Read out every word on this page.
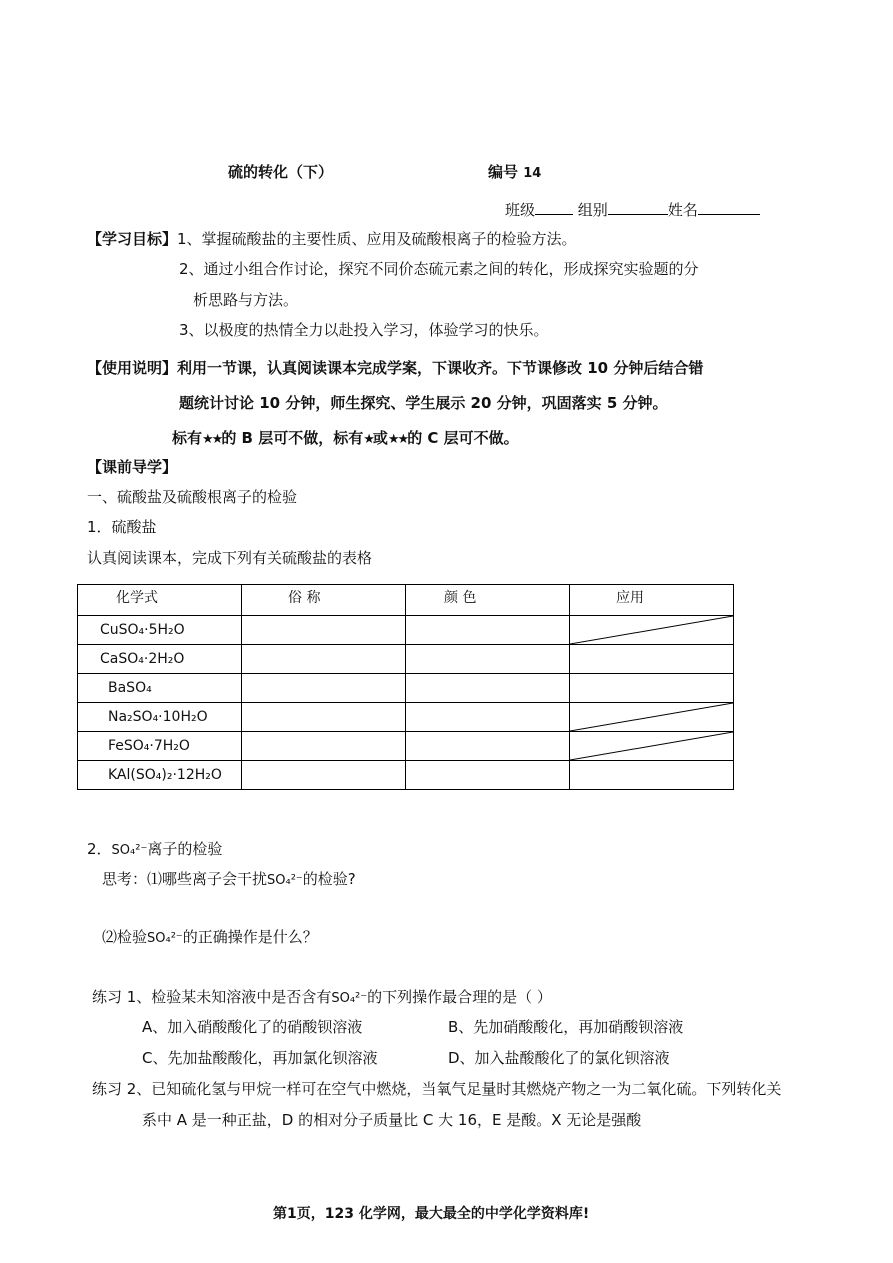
硫的转化（下）	编号 14
班级	组别	姓名
【学习目标】1、掌握硫酸盐的主要性质、应用及硫酸根离子的检验方法。
2、通过小组合作讨论，探究不同价态硫元素之间的转化，形成探究实验题的分
析思路与方法。
3、以极度的热情全力以赴投入学习，体验学习的快乐。
【使用说明】利用一节课，认真阅读课本完成学案，下课收齐。下节课修改 10 分钟后结合错
题统计讨论 10 分钟，师生探究、学生展示 20 分钟，巩固落实 5 分钟。
标有★★的 B 层可不做，标有★或★★的 C 层可不做。
【课前导学】
一、硫酸盐及硫酸根离子的检验
1．硫酸盐
认真阅读课本，完成下列有关硫酸盐的表格
化学式	俗 称	颜 色	应用

CuSO₄·5H₂O			

CaSO₄·2H₂O			
BaSO₄			
Na₂SO₄·10H₂O			

FeSO₄·7H₂O			

KAl(SO₄)₂·12H₂O			
2．SO₄²⁻离子的检验
思考：⑴哪些离子会干扰SO₄²⁻的检验?
⑵检验SO₄²⁻的正确操作是什么？
练习 1、检验某未知溶液中是否含有SO₄²⁻的下列操作最合理的是（ ）
A、加入硝酸酸化了的硝酸钡溶液	B、先加硝酸酸化，再加硝酸钡溶液
C、先加盐酸酸化，再加氯化钡溶液	D、加入盐酸酸化了的氯化钡溶液
练习 2、已知硫化氢与甲烷一样可在空气中燃烧，当氧气足量时其燃烧产物之一为二氧化硫。下列转化关
系中 A 是一种正盐，D 的相对分子质量比 C 大 16，E 是酸。X 无论是强酸
第1页，123 化学网，最大最全的中学化学资料库!
